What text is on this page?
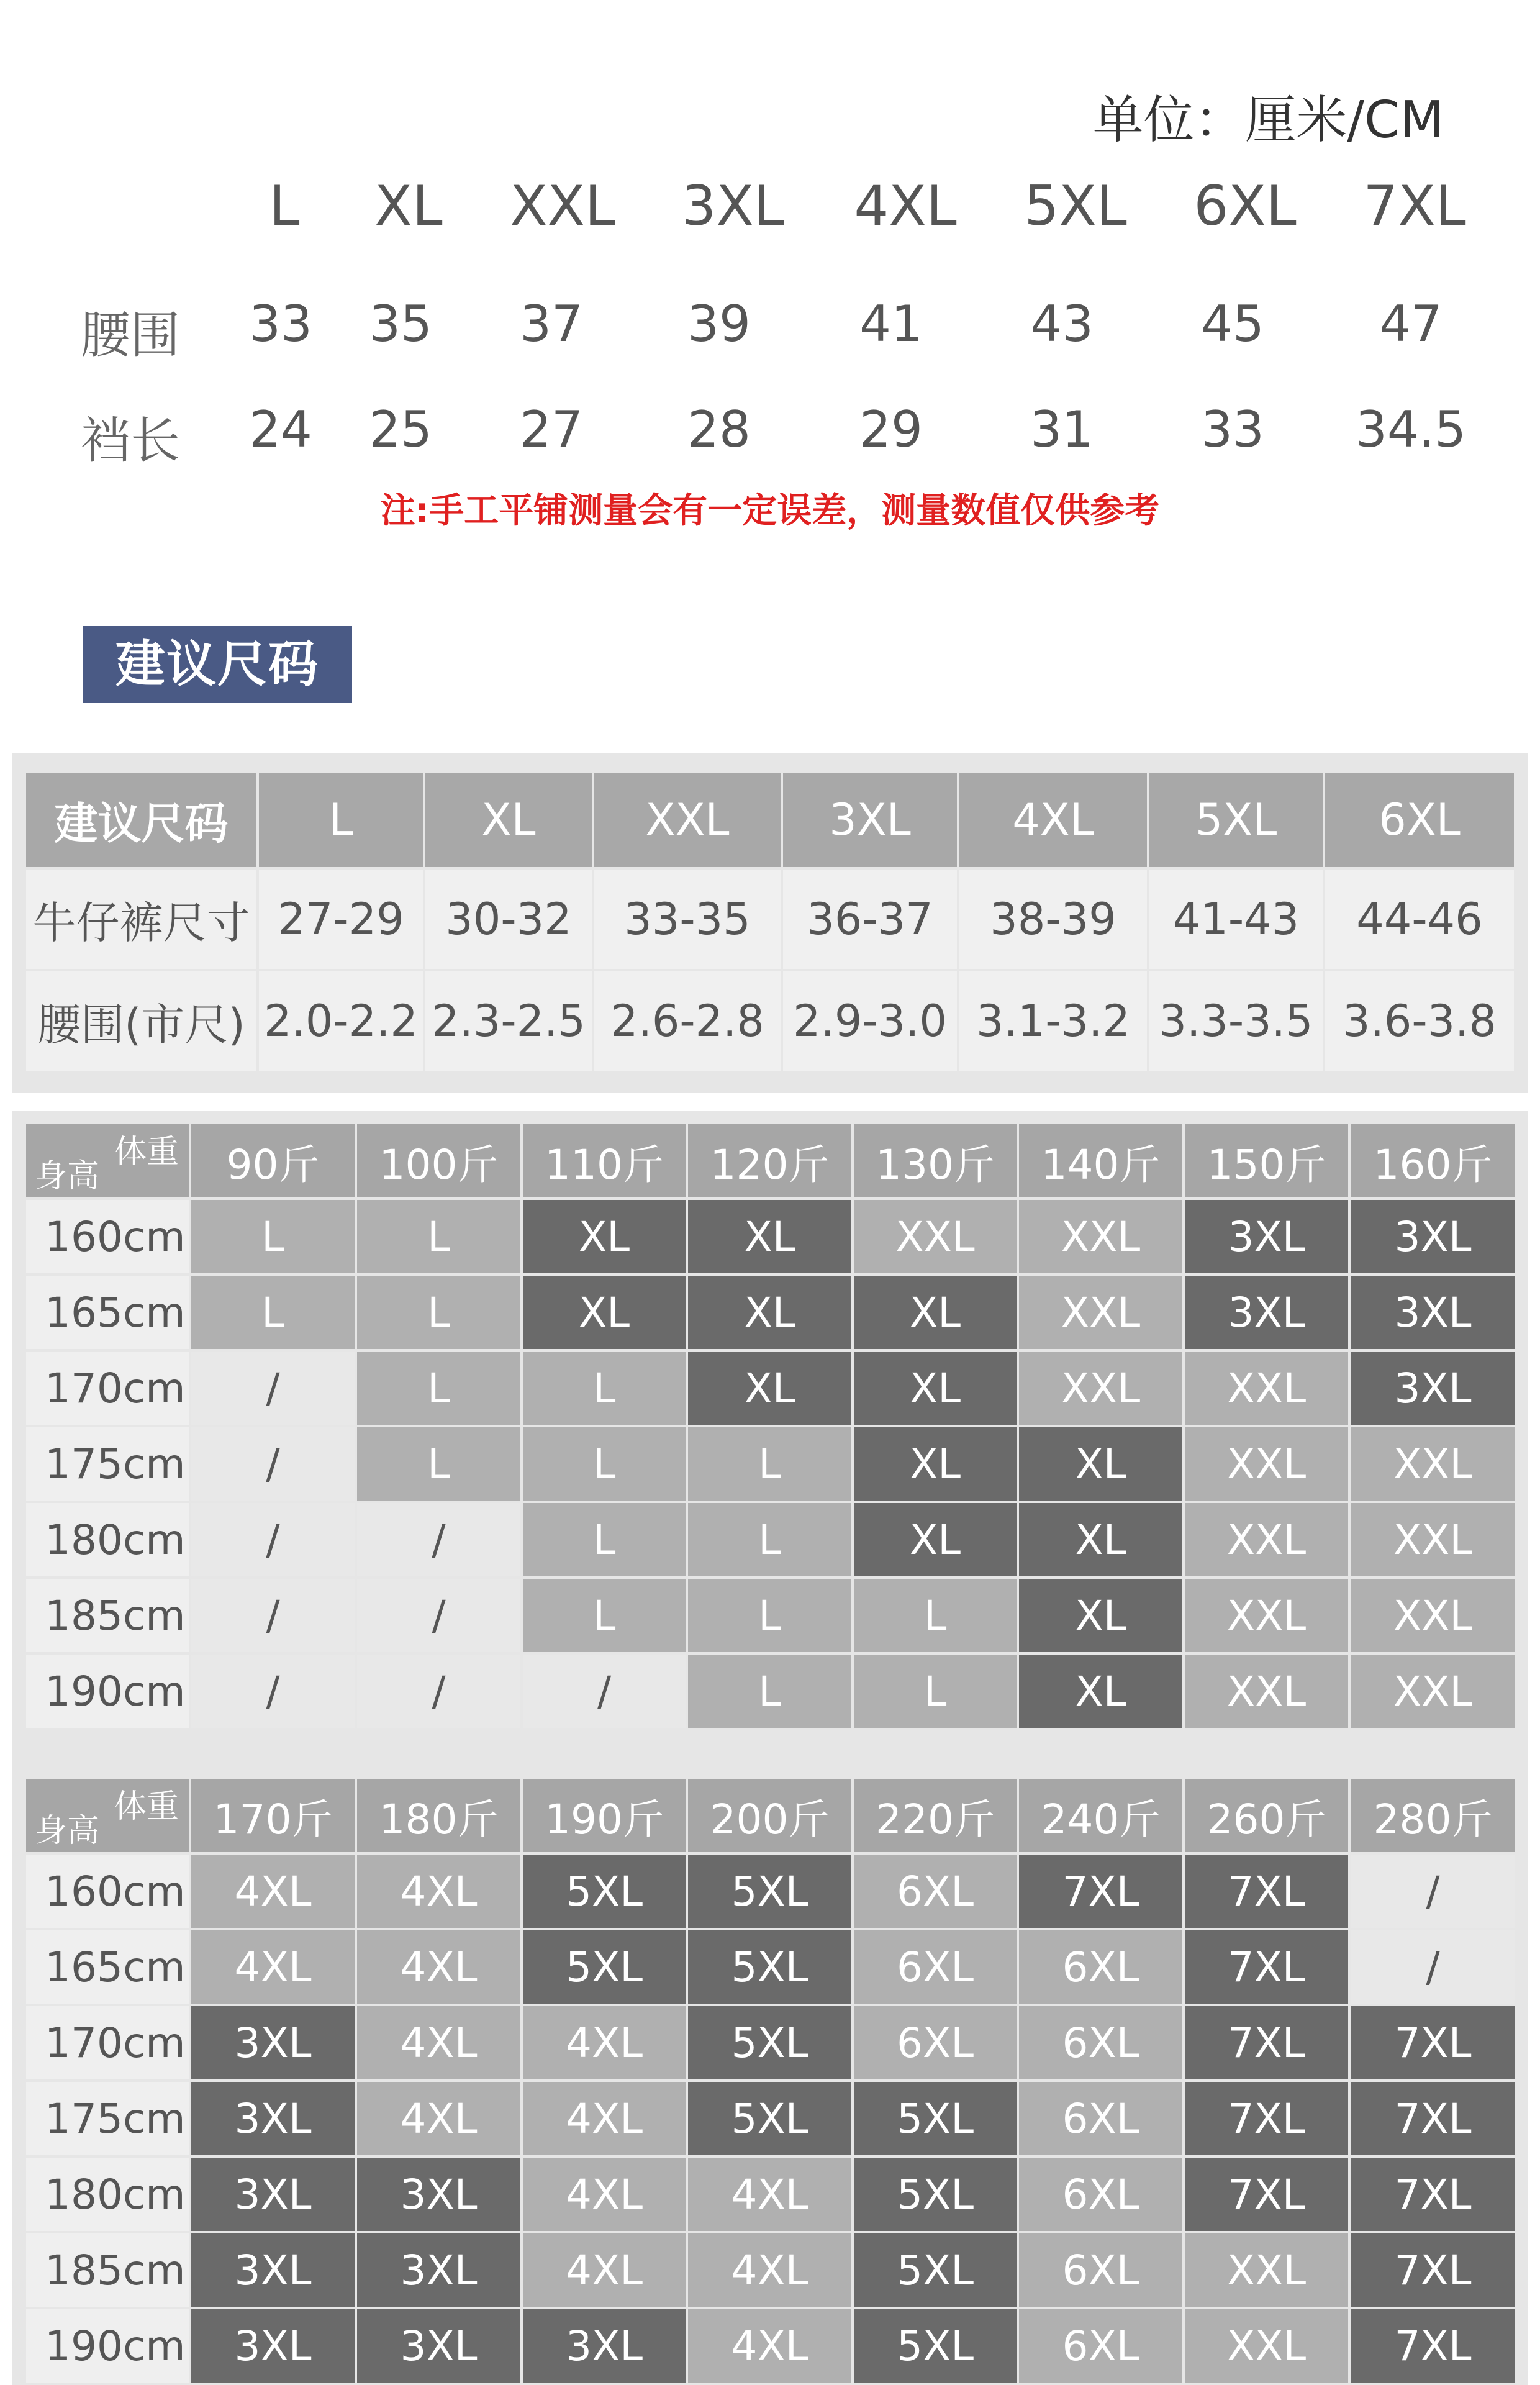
单位：厘米/CM
L XL XXL 3XL 4XL 5XL 6XL 7XL
腰围 33 35 37 39 41 43 45 47
裆长 24 25 27 28 29 31 33 34.5
注:手工平铺测量会有一定误差，测量数值仅供参考
建议尺码
建议尺码	L	XL	XXL	3XL	4XL	5XL	6XL
牛仔裤尺寸	27-29	30-32	33-35	36-37	38-39	41-43	44-46
腰围(市尺)	2.0-2.2	2.3-2.5	2.6-2.8	2.9-3.0	3.1-3.2	3.3-3.5	3.6-3.8
体重
身高	90斤	100斤	110斤	120斤	130斤	140斤	150斤	160斤
160cm	L	L	XL	XL	XXL	XXL	3XL	3XL
165cm	L	L	XL	XL	XL	XXL	3XL	3XL
170cm	/	L	L	XL	XL	XXL	XXL	3XL
175cm	/	L	L	L	XL	XL	XXL	XXL
180cm	/	/	L	L	XL	XL	XXL	XXL
185cm	/	/	L	L	L	XL	XXL	XXL
190cm	/	/	/	L	L	XL	XXL	XXL
体重
身高	170斤	180斤	190斤	200斤	220斤	240斤	260斤	280斤
160cm	4XL	4XL	5XL	5XL	6XL	7XL	7XL	/
165cm	4XL	4XL	5XL	5XL	6XL	6XL	7XL	/
170cm	3XL	4XL	4XL	5XL	6XL	6XL	7XL	7XL
175cm	3XL	4XL	4XL	5XL	5XL	6XL	7XL	7XL
180cm	3XL	3XL	4XL	4XL	5XL	6XL	7XL	7XL
185cm	3XL	3XL	4XL	4XL	5XL	6XL	XXL	7XL
190cm	3XL	3XL	3XL	4XL	5XL	6XL	XXL	7XL
